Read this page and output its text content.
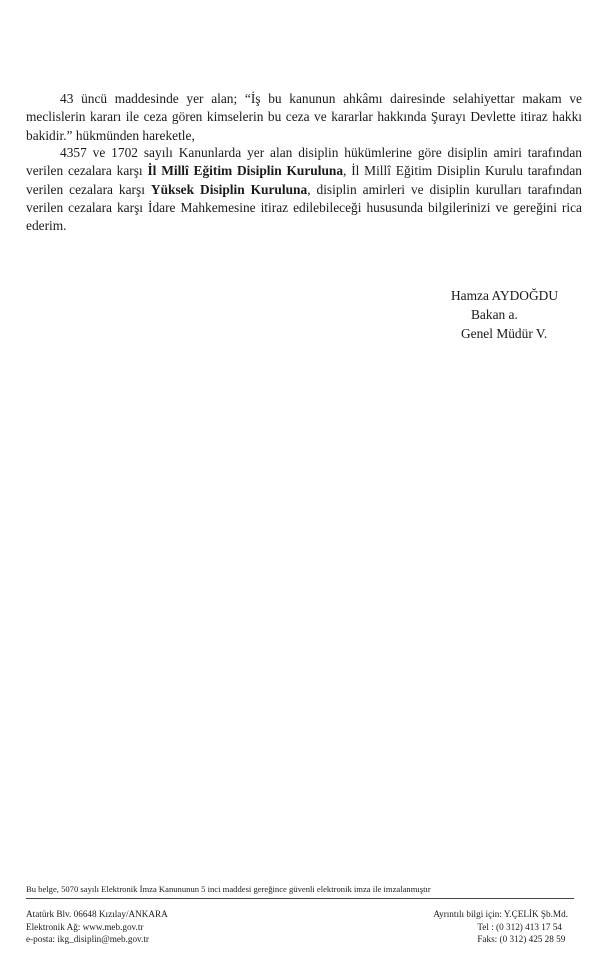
43 üncü maddesinde yer alan; “İş bu kanunun ahkâmı dairesinde selahiyettar makam ve meclislerin kararı ile ceza gören kimselerin bu ceza ve kararlar hakkında Şurayı Devlette itiraz hakkı bakidir.” hükmünden hareketle,
4357 ve 1702 sayılı Kanunlarda yer alan disiplin hükümlerine göre disiplin amiri tarafından verilen cezalara karşı İl Millî Eğitim Disiplin Kuruluna, İl Millî Eğitim Disiplin Kurulu tarafından verilen cezalara karşı Yüksek Disiplin Kuruluna, disiplin amirleri ve disiplin kurulları tarafından verilen cezalara karşı İdare Mahkemesine itiraz edilebileceği hususunda bilgilerinizi ve gereğini rica ederim.
Hamza AYDOĞDU
Bakan a.
Genel Müdür V.
Bu belge, 5070 sayılı Elektronik İmza Kanununun 5 inci maddesi gereğince güvenli elektronik imza ile imzalanmıştır
Atatürk Blv. 06648 Kızılay/ANKARA
Elektronik Ağ: www.meb.gov.tr
e-posta: ikg_disiplin@meb.gov.tr
Ayrıntılı bilgi için: Y.ÇELİK Şb.Md.
Tel : (0 312) 413 17 54
Faks: (0 312) 425 28 59
